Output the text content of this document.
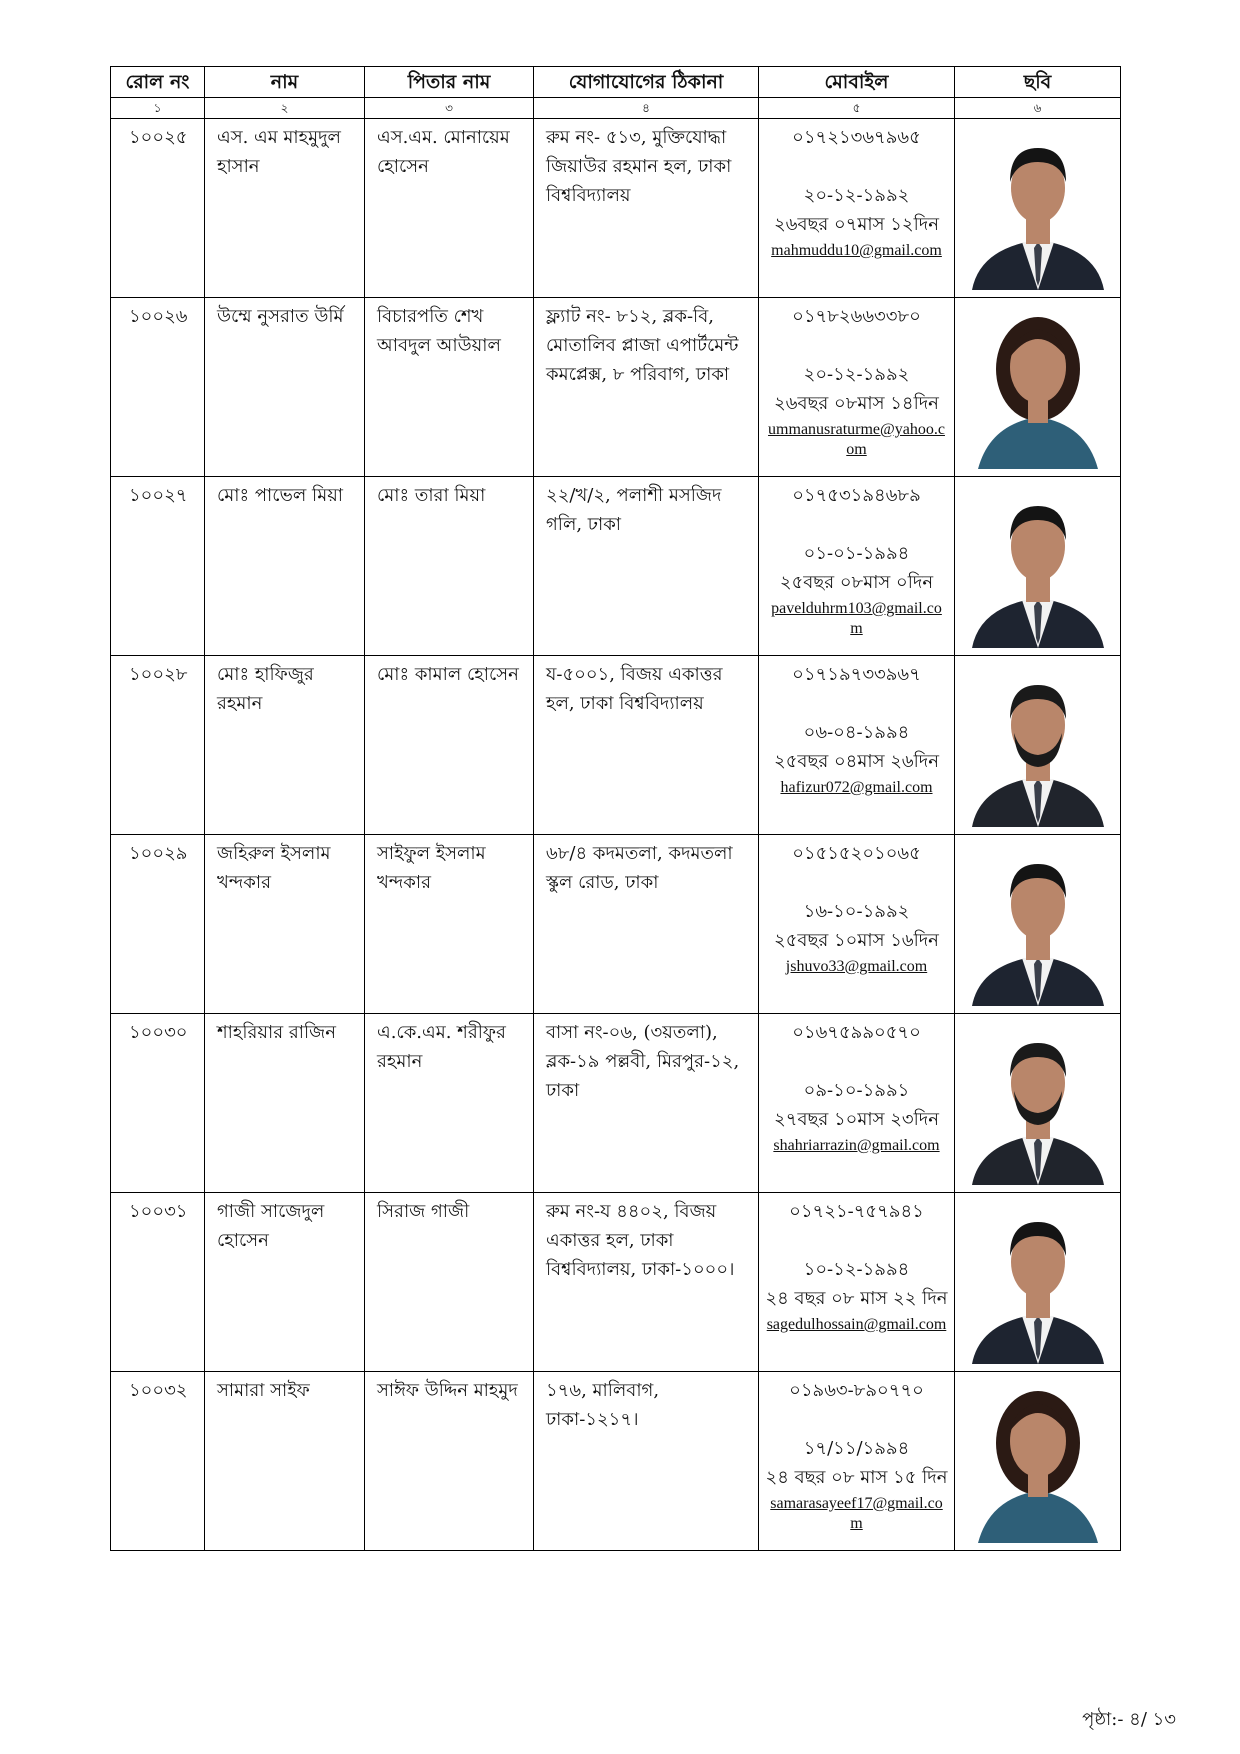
রোল নং	নাম	পিতার নাম	যোগাযোগের ঠিকানা	মোবাইল	ছবি
১	২	৩	৪	৫	৬
১০০২৫	এস. এম মাহমুদুল হাসান	এস.এম. মোনায়েম হোসেন	রুম নং- ৫১৩, মুক্তিযোদ্ধা জিয়াউর রহমান হল, ঢাকা বিশ্ববিদ্যালয়	০১৭২১৩৬৭৯৬৫
২০-১২-১৯৯২
২৬বছর ০৭মাস ১২দিন
mahmuddu10@gmail.com

১০০২৬	উম্মে নুসরাত উর্মি	বিচারপতি শেখ আবদুল আউয়াল	ফ্ল্যাট নং- ৮১২, ব্লক-বি, মোতালিব প্লাজা এপার্টমেন্ট কমপ্লেক্স, ৮ পরিবাগ, ঢাকা	০১৭৮২৬৬৩৩৮০
২০-১২-১৯৯২
২৬বছর ০৮মাস ১৪দিন
ummanusraturme@yahoo.com

১০০২৭	মোঃ পাভেল মিয়া	মোঃ তারা মিয়া	২২/খ/২, পলাশী মসজিদ গলি, ঢাকা	০১৭৫৩১৯৪৬৮৯
০১-০১-১৯৯৪
২৫বছর ০৮মাস ০দিন
pavelduhrm103@gmail.com

১০০২৮	মোঃ হাফিজুর রহমান	মোঃ কামাল হোসেন	য-৫০০১, বিজয় একাত্তর হল, ঢাকা বিশ্ববিদ্যালয়	০১৭১৯৭৩৩৯৬৭
০৬-০৪-১৯৯৪
২৫বছর ০৪মাস ২৬দিন
hafizur072@gmail.com

১০০২৯	জহিরুল ইসলাম খন্দকার	সাইফুল ইসলাম খন্দকার	৬৮/৪ কদমতলা, কদমতলা স্কুল রোড, ঢাকা	০১৫১৫২০১০৬৫
১৬-১০-১৯৯২
২৫বছর ১০মাস ১৬দিন
jshuvo33@gmail.com

১০০৩০	শাহরিয়ার রাজিন	এ.কে.এম. শরীফুর রহমান	বাসা নং-০৬, (৩য়তলা), ব্লক-১৯ পল্লবী, মিরপুর-১২, ঢাকা	০১৬৭৫৯৯০৫৭০
০৯-১০-১৯৯১
২৭বছর ১০মাস ২৩দিন
shahriarrazin@gmail.com

১০০৩১	গাজী সাজেদুল হোসেন	সিরাজ গাজী	রুম নং-য ৪৪০২, বিজয় একাত্তর হল, ঢাকা বিশ্ববিদ্যালয়, ঢাকা-১০০০।	০১৭২১-৭৫৭৯৪১
১০-১২-১৯৯৪
২৪ বছর ০৮ মাস ২২ দিন
sagedulhossain@gmail.com

১০০৩২	সামারা সাইফ	সাঈফ উদ্দিন মাহমুদ	১৭৬, মালিবাগ, ঢাকা-১২১৭।	০১৯৬৩-৮৯০৭৭০
১৭/১১/১৯৯৪
২৪ বছর ০৮ মাস ১৫ দিন
samarasayeef17@gmail.com

পৃষ্ঠা:- ৪/ ১৩
